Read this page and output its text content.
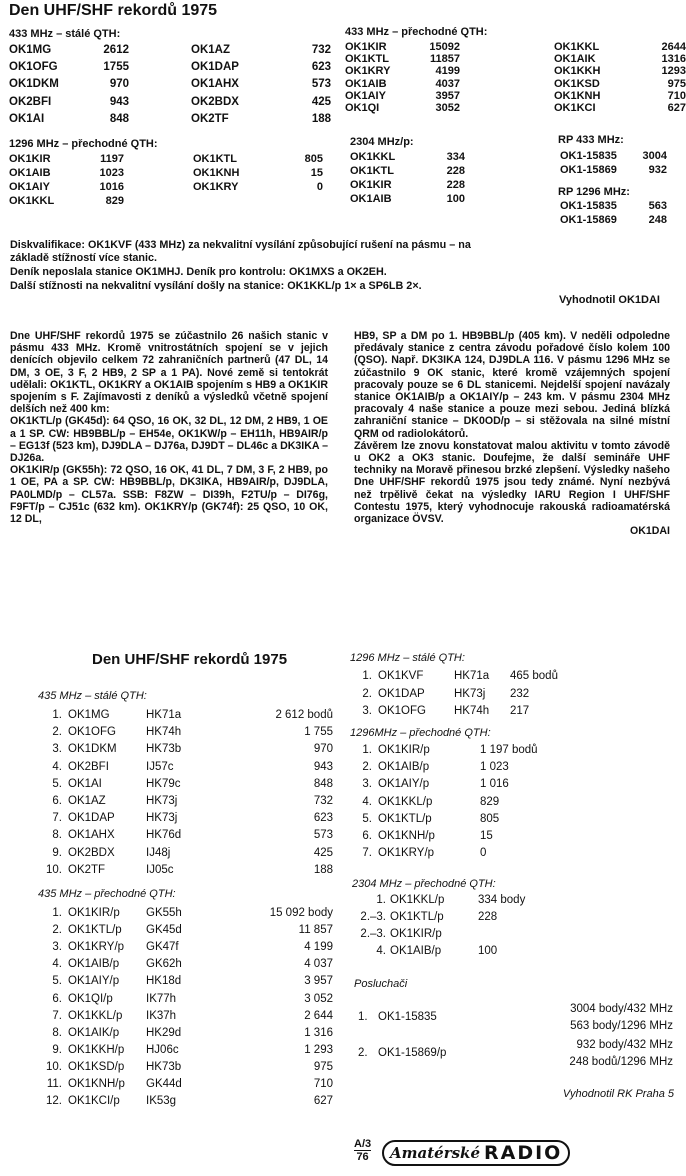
Den UHF/SHF rekordů 1975
433 MHz – stálé QTH:
OK1MG	2612
OK1OFG	1755
OK1DKM	970
OK2BFI	943
OK1AI	848
OK1AZ	732
OK1DAP	623
OK1AHX	573
OK2BDX	425
OK2TF	188
433 MHz – přechodné QTH:
OK1KIR	15092
OK1KTL	11857
OK1KRY	4199
OK1AIB	4037
OK1AIY	3957
OK1QI	3052
OK1KKL	2644
OK1AIK	1316
OK1KKH	1293
OK1KSD	975
OK1KNH	710
OK1KCI	627
1296 MHz – přechodné QTH:
OK1KIR	1197
OK1AIB	1023
OK1AIY	1016
OK1KKL	829
OK1KTL	805
OK1KNH	15
OK1KRY	0
2304 MHz/p:
OK1KKL	334
OK1KTL	228
OK1KIR	228
OK1AIB	100
RP 433 MHz:
OK1-15835	3004
OK1-15869	932
RP 1296 MHz:
OK1-15835	563
OK1-15869	248
Diskvalifikace: OK1KVF (433 MHz) za nekvalitní vysílání způsobující rušení na pásmu – na
základě stížností více stanic.
Deník neposlala stanice OK1MHJ. Deník pro kontrolu: OK1MXS a OK2EH.
Další stížnosti na nekvalitní vysílání došly na stanice: OK1KKL/p 1× a SP6LB 2×.
Vyhodnotil OK1DAI

Dne UHF/SHF rekordů 1975 se zúčastnilo 26 našich stanic v pásmu 433 MHz. Kromě vnitrostátních spojení se v jejich denících objevilo celkem 72 zahraničních partnerů (47 DL, 14 DM, 3 OE, 3 F, 2 HB9, 2 SP a 1 PA). Nové země si tentokrát udělali: OK1KTL, OK1KRY a OK1AIB spojením s HB9 a OK1KIR spojením s F. Zajímavosti z deníků a výsledků včetně spojení delších než 400 km:

OK1KTL/p (GK45d): 64 QSO, 16 OK, 32 DL, 12 DM, 2 HB9, 1 OE a 1 SP. CW: HB9BBL/p – EH54e, OK1KW/p – EH11h, HB9AIR/p – EG13f (523 km), DJ9DLA – DJ76a, DJ9DT – DL46c a DK3IKA – DJ26a.

OK1KIR/p (GK55h): 72 QSO, 16 OK, 41 DL, 7 DM, 3 F, 2 HB9, po 1 OE, PA a SP. CW: HB9BBL/p, DK3IKA, HB9AIR/p, DJ9DLA, PA0LMD/p – CL57a. SSB: F8ZW – DI39h, F2TU/p – DI76g, F9FT/p – CJ51c (632 km). OK1KRY/p (GK74f): 25 QSO, 10 OK, 12 DL,

HB9, SP a DM po 1. HB9BBL/p (405 km). V neděli odpoledne předávaly stanice z centra závodu pořadové číslo kolem 100 (QSO). Např. DK3IKA 124, DJ9DLA 116. V pásmu 1296 MHz se zúčastnilo 9 OK stanic, které kromě vzájemných spojení pracovaly pouze se 6 DL stanicemi. Nejdelší spojení navázaly stanice OK1AIB/p a OK1AIY/p – 243 km. V pásmu 2304 MHz pracovaly 4 naše stanice a pouze mezi sebou. Jediná blízká zahraniční stanice – DK0OD/p – si stěžovala na silné místní QRM od radiolokátorů.

Závěrem lze znovu konstatovat malou aktivitu v tomto závodě u OK2 a OK3 stanic. Doufejme, že další semináře UHF techniky na Moravě přinesou brzké zlepšení. Výsledky našeho Dne UHF/SHF rekordů 1975 jsou tedy známé. Nyní nezbývá než trpělivě čekat na výsledky IARU Region I UHF/SHF Contestu 1975, který vyhodnocuje rakouská radioamatérská organizace ÖVSV.

OK1DAI
Den UHF/SHF rekordů 1975
435 MHz – stálé QTH:
1. OK1MG	HK71a	2 612 bodů
2. OK1OFG	HK74h	1 755
3. OK1DKM	HK73b	970
4. OK2BFI	IJ57c	943
5. OK1AI	HK79c	848
6. OK1AZ	HK73j	732
7. OK1DAP	HK73j	623
8. OK1AHX	HK76d	573
9. OK2BDX	IJ48j	425
10. OK2TF	IJ05c	188
435 MHz – přechodné QTH:
1. OK1KIR/p	GK55h	15 092 body
2. OK1KTL/p	GK45d	11 857
3. OK1KRY/p	GK47f	4 199
4. OK1AIB/p	GK62h	4 037
5. OK1AIY/p	HK18d	3 957
6. OK1QI/p	IK77h	3 052
7. OK1KKL/p	IK37h	2 644
8. OK1AIK/p	HK29d	1 316
9. OK1KKH/p	HJ06c	1 293
10. OK1KSD/p	HK73b	975
11. OK1KNH/p	GK44d	710
12. OK1KCI/p	IK53g	627
1296 MHz – stálé QTH:
1. OK1KVF	HK71a	465 bodů
2. OK1DAP	HK73j	232
3. OK1OFG	HK74h	217
1296MHz – přechodné QTH:
1. OK1KIR/p	1 197 bodů
2. OK1AIB/p	1 023
3. OK1AIY/p	1 016
4. OK1KKL/p	829
5. OK1KTL/p	805
6. OK1KNH/p	15
7. OK1KRY/p	0
2304 MHz – přechodné QTH:
1. OK1KKL/p	334 body
2.–3. OK1KTL/p	228
2.–3. OK1KIR/p
4. OK1AIB/p	100
Posluchači
1. OK1-15835
3004 body/432 MHz
563 body/1296 MHz
2. OK1-15869/p
932 body/432 MHz
248 bodů/1296 MHz
Vyhodnotil RK Praha 5
A/3
76 Amatérské RADIO
